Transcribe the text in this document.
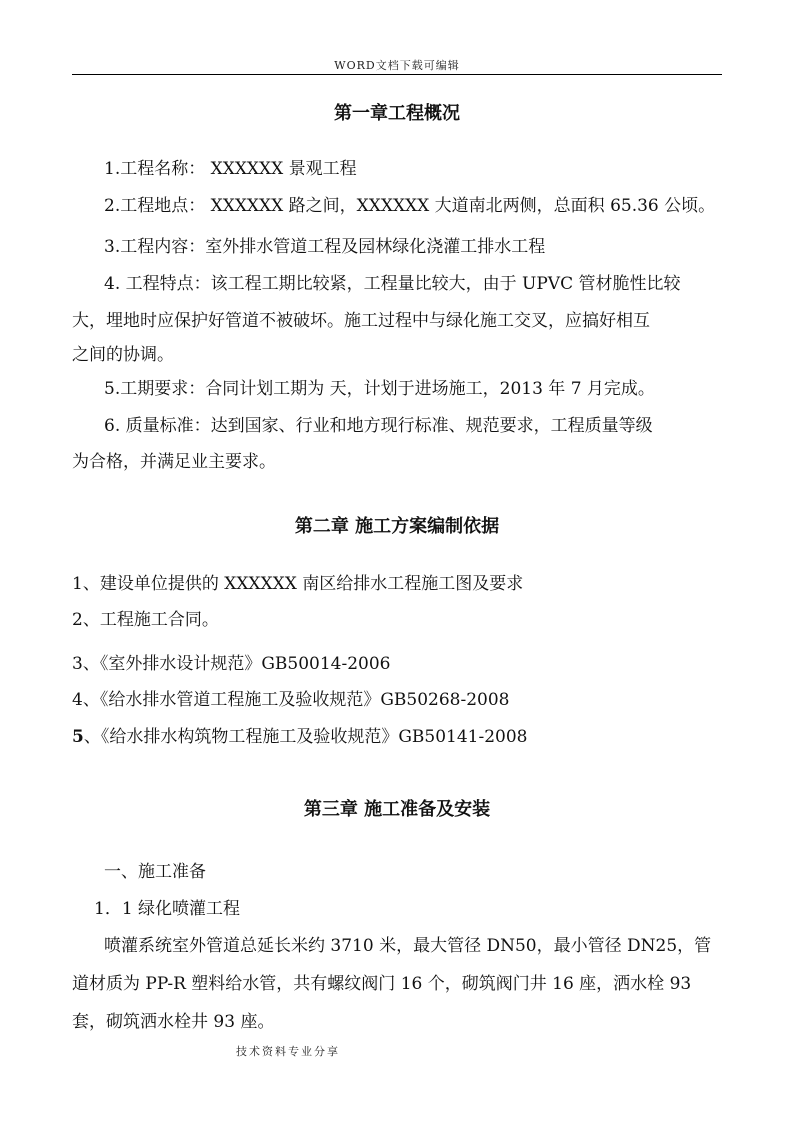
WORD文档下载可编辑
第一章工程概况
1.工程名称： XXXXXX 景观工程
2.工程地点： XXXXXX 路之间，XXXXXX 大道南北两侧，总面积 65.36 公顷。
3.工程内容：室外排水管道工程及园林绿化浇灌工排水工程
4. 工程特点：该工程工期比较紧，工程量比较大，由于 UPVC 管材脆性比较
大，埋地时应保护好管道不被破坏。施工过程中与绿化施工交叉，应搞好相互
之间的协调。
5.工期要求：合同计划工期为 天，计划于进场施工，2013 年 7 月完成。
6. 质量标准：达到国家、行业和地方现行标准、规范要求，工程质量等级
为合格，并满足业主要求。
第二章 施工方案编制依据
1、建设单位提供的 XXXXXX 南区给排水工程施工图及要求
2、工程施工合同。
3、《室外排水设计规范》GB50014-2006
4、《给水排水管道工程施工及验收规范》GB50268-2008
5、《给水排水构筑物工程施工及验收规范》GB50141-2008
第三章 施工准备及安装
一、施工准备
1．1 绿化喷灌工程
喷灌系统室外管道总延长米约 3710 米，最大管径 DN50，最小管径 DN25，管
道材质为 PP-R 塑料给水管，共有螺纹阀门 16 个，砌筑阀门井 16 座，洒水栓 93
套，砌筑洒水栓井 93 座。
技术资料专业分享
